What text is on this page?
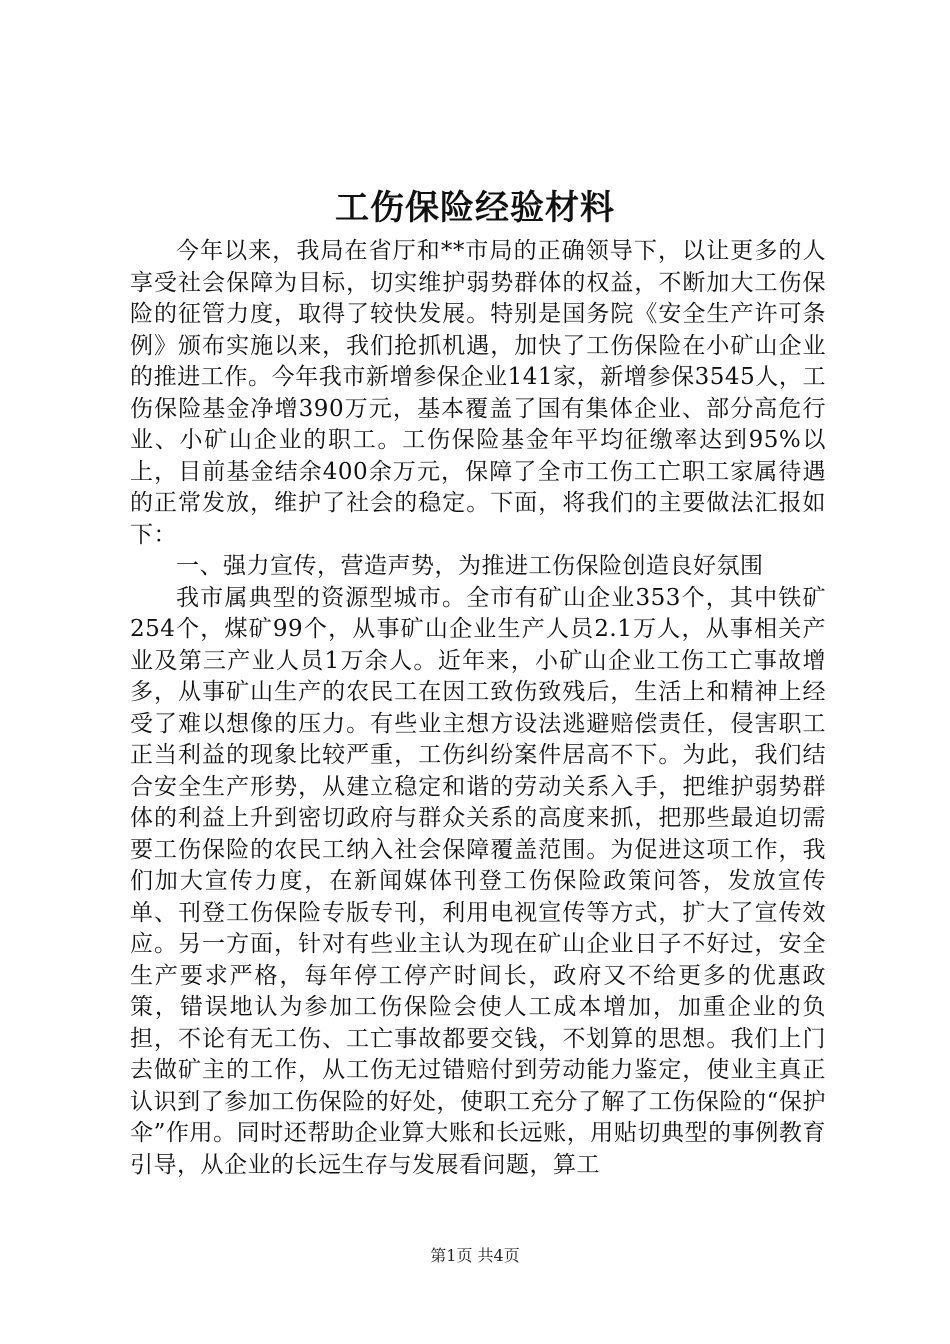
工伤保险经验材料

今年以来，我局在省厅和**市局的正确领导下，以让更多的人享受社会保障为目标，切实维护弱势群体的权益，不断加大工伤保险的征管力度，取得了较快发展。特别是国务院《安全生产许可条例》颁布实施以来，我们抢抓机遇，加快了工伤保险在小矿山企业的推进工作。今年我市新增参保企业141家，新增参保3545人，工伤保险基金净增390万元，基本覆盖了国有集体企业、部分高危行业、小矿山企业的职工。工伤保险基金年平均征缴率达到95%以上，目前基金结余400余万元，保障了全市工伤工亡职工家属待遇的正常发放，维护了社会的稳定。下面，将我们的主要做法汇报如下：

一、强力宣传，营造声势，为推进工伤保险创造良好氛围

我市属典型的资源型城市。全市有矿山企业353个，其中铁矿254个，煤矿99个，从事矿山企业生产人员2.1万人，从事相关产业及第三产业人员1万余人。近年来，小矿山企业工伤工亡事故增多，从事矿山生产的农民工在因工致伤致残后，生活上和精神上经受了难以想像的压力。有些业主想方设法逃避赔偿责任，侵害职工正当利益的现象比较严重，工伤纠纷案件居高不下。为此，我们结合安全生产形势，从建立稳定和谐的劳动关系入手，把维护弱势群体的利益上升到密切政府与群众关系的高度来抓，把那些最迫切需要工伤保险的农民工纳入社会保障覆盖范围。为促进这项工作，我们加大宣传力度，在新闻媒体刊登工伤保险政策问答，发放宣传单、刊登工伤保险专版专刊，利用电视宣传等方式，扩大了宣传效应。另一方面，针对有些业主认为现在矿山企业日子不好过，安全生产要求严格，每年停工停产时间长，政府又不给更多的优惠政策，错误地认为参加工伤保险会使人工成本增加，加重企业的负担，不论有无工伤、工亡事故都要交钱，不划算的思想。我们上门去做矿主的工作，从工伤无过错赔付到劳动能力鉴定，使业主真正认识到了参加工伤保险的好处，使职工充分了解了工伤保险的“保护伞”作用。同时还帮助企业算大账和长远账，用贴切典型的事例教育引导，从企业的长远生存与发展看问题，算工

第1页 共4页
